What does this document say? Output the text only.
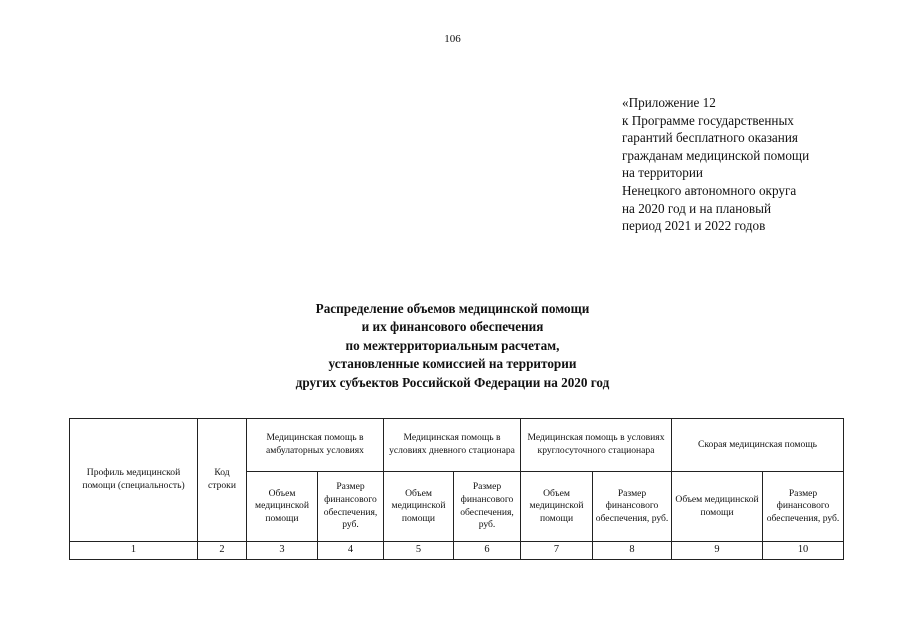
106
«Приложение 12
к Программе государственных
гарантий бесплатного оказания
гражданам медицинской помощи
на территории
Ненецкого автономного округа
на 2020 год и на плановый
период 2021 и 2022 годов
Распределение объемов медицинской помощи
и их финансового обеспечения
по межтерриториальным расчетам,
установленные комиссией на территории
других субъектов Российской Федерации на 2020 год
Профиль медицинской помощи (специальность)	Код строки	Медицинская помощь в амбулаторных условиях		Медицинская помощь в условиях дневного стационара		Медицинская помощь в условиях круглосуточного стационара		Скорая медицинская помощь	
		Объем медицинской помощи	Размер финансового обеспечения, руб.	Объем медицинской помощи	Размер финансового обеспечения, руб.	Объем медицинской помощи	Размер финансового обеспечения, руб.	Объем медицинской помощи	Размер финансового обеспечения, руб.
1	2	3	4	5	6	7	8	9	10
